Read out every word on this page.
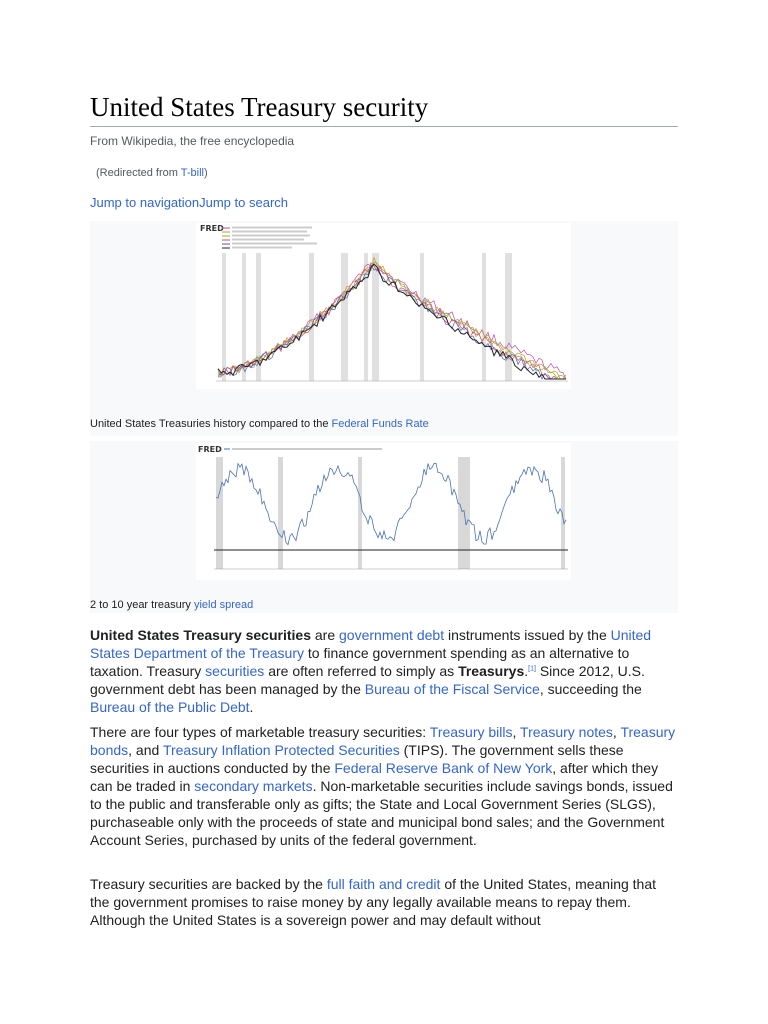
United States Treasury security
From Wikipedia, the free encyclopedia
(Redirected from T-bill)
Jump to navigationJump to search
FRED
United States Treasuries history compared to the Federal Funds Rate
FRED
2 to 10 year treasury yield spread

United States Treasury securities are government debt instruments issued by the United States Department of the Treasury to finance government spending as an alternative to taxation. Treasury securities are often referred to simply as Treasurys.[1] Since 2012, U.S. government debt has been managed by the Bureau of the Fiscal Service, succeeding the Bureau of the Public Debt.

There are four types of marketable treasury securities: Treasury bills, Treasury notes, Treasury bonds, and Treasury Inflation Protected Securities (TIPS). The government sells these securities in auctions conducted by the Federal Reserve Bank of New York, after which they can be traded in secondary markets. Non-marketable securities include savings bonds, issued to the public and transferable only as gifts; the State and Local Government Series (SLGS), purchaseable only with the proceeds of state and municipal bond sales; and the Government Account Series, purchased by units of the federal government.

Treasury securities are backed by the full faith and credit of the United States, meaning that the government promises to raise money by any legally available means to repay them. Although the United States is a sovereign power and may default without
